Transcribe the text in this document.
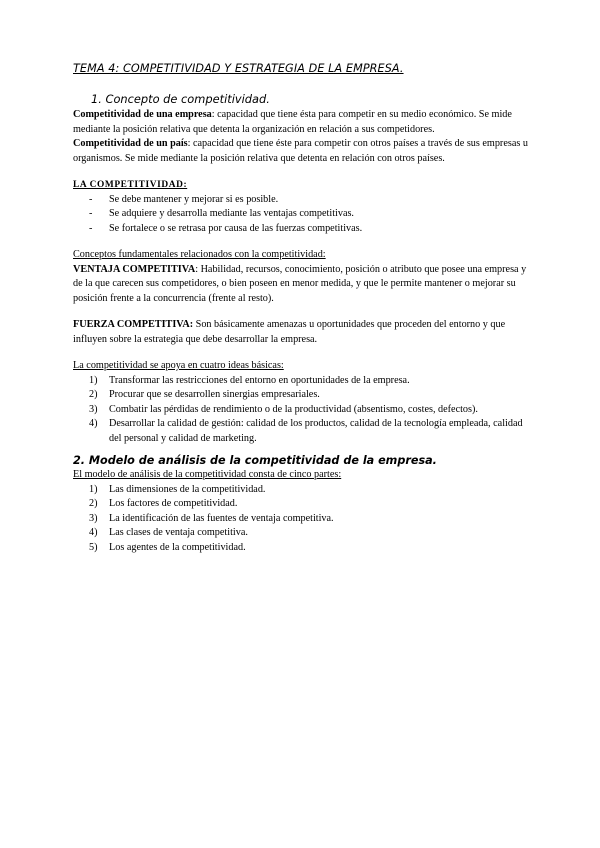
TEMA 4: COMPETITIVIDAD Y ESTRATEGIA DE LA EMPRESA.
1. Concepto de competitividad.

Competitividad de una empresa: capacidad que tiene ésta para competir en su medio económico. Se mide mediante la posición relativa que detenta la organización en relación a sus competidores.

Competitividad de un país: capacidad que tiene éste para competir con otros países a través de sus empresas u organismos. Se mide mediante la posición relativa que detenta en relación con otros países.

LA COMPETITIVIDAD:

- Se debe mantener y mejorar si es posible.
- Se adquiere y desarrolla mediante las ventajas competitivas.
- Se fortalece o se retrasa por causa de las fuerzas competitivas.

Conceptos fundamentales relacionados con la competitividad:

VENTAJA COMPETITIVA: Habilidad, recursos, conocimiento, posición o atributo que posee una empresa y de la que carecen sus competidores, o bien poseen en menor medida, y que le permite mantener o mejorar su posición frente a la concurrencia (frente al resto).

FUERZA COMPETITIVA: Son básicamente amenazas u oportunidades que proceden del entorno y que influyen sobre la estrategia que debe desarrollar la empresa.

La competitividad se apoya en cuatro ideas básicas:

1) Transformar las restricciones del entorno en oportunidades de la empresa.
2) Procurar que se desarrollen sinergias empresariales.
3) Combatir las pérdidas de rendimiento o de la productividad (absentismo, costes, defectos).
4) Desarrollar la calidad de gestión: calidad de los productos, calidad de la tecnología empleada, calidad del personal y calidad de marketing.
2. Modelo de análisis de la competitividad de la empresa.

El modelo de análisis de la competitividad consta de cinco partes:

1) Las dimensiones de la competitividad.
2) Los factores de competitividad.
3) La identificación de las fuentes de ventaja competitiva.
4) Las clases de ventaja competitiva.
5) Los agentes de la competitividad.
